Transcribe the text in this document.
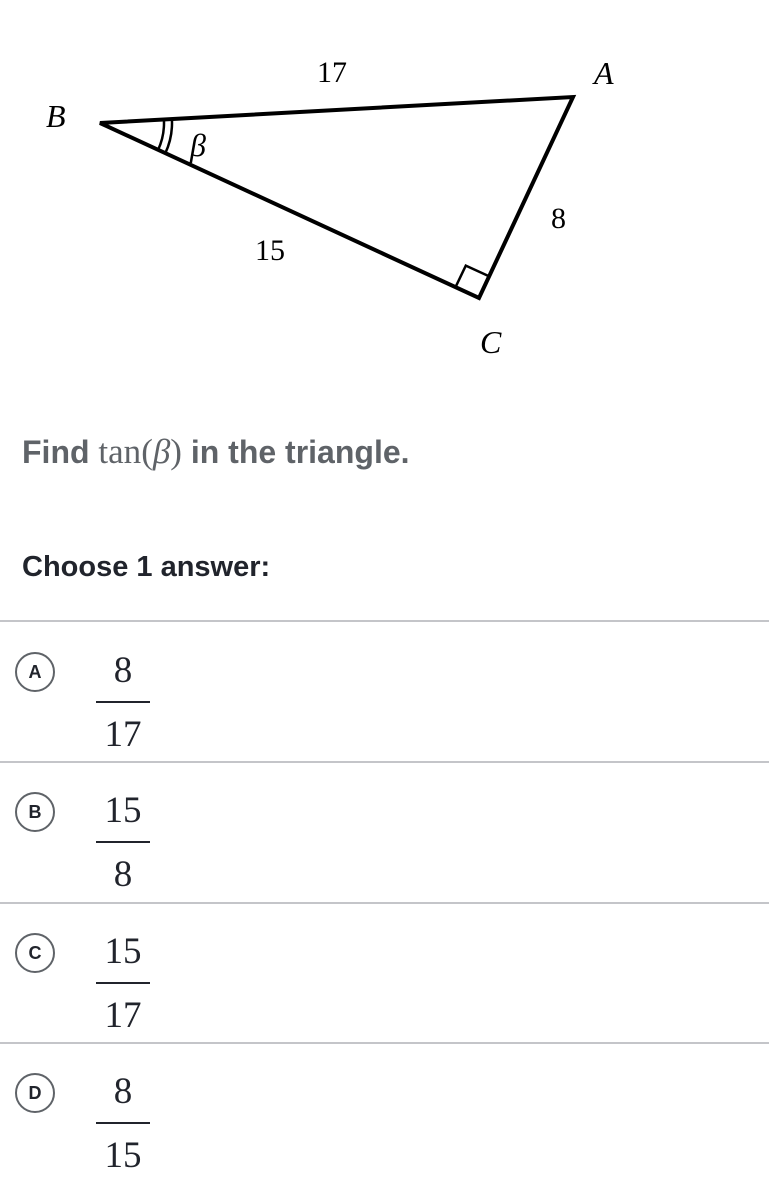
B
A
C
β
17
15
8

Find tan(β) in the triangle.

Choose 1 answer:

A	8
17
B	15
8
C	15
17
D	8
15
